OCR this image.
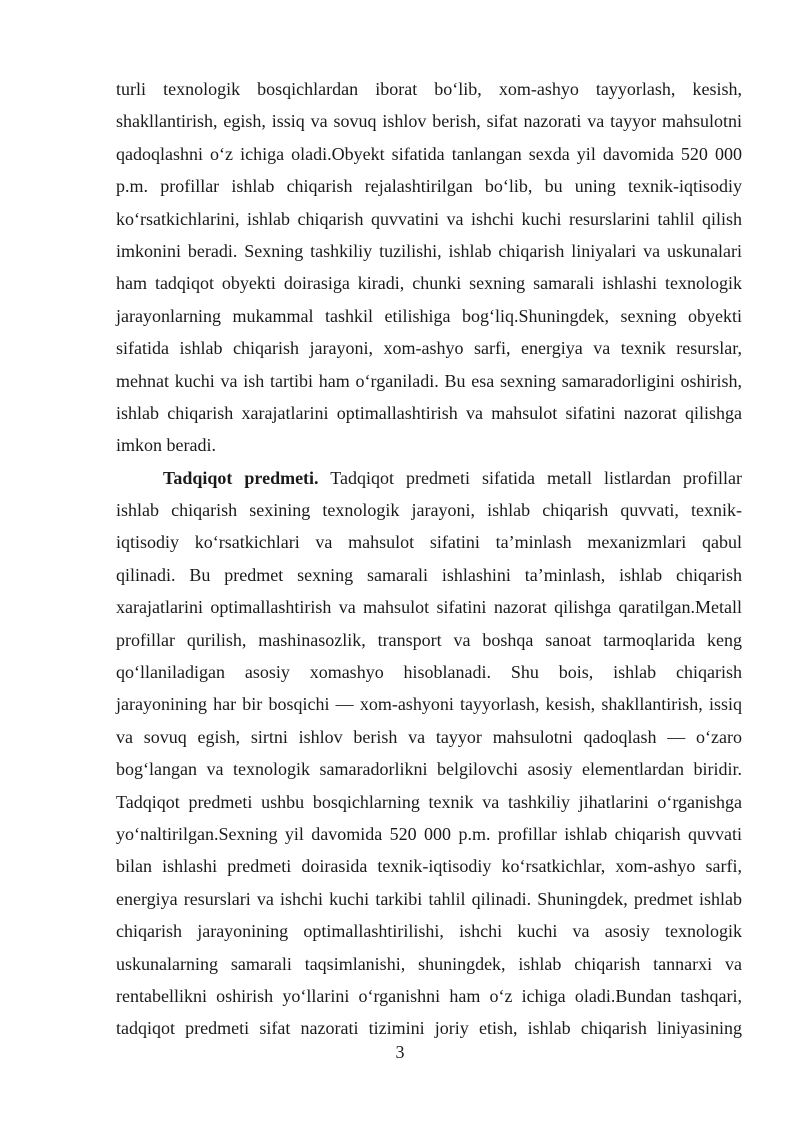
turli texnologik bosqichlardan iborat bo‘lib, xom-ashyo tayyorlash, kesish,
shakllantirish, egish, issiq va sovuq ishlov berish, sifat nazorati va tayyor mahsulotni
qadoqlashni o‘z ichiga oladi.Obyekt sifatida tanlangan sexda yil davomida 520 000
p.m. profillar ishlab chiqarish rejalashtirilgan bo‘lib, bu uning texnik-iqtisodiy
ko‘rsatkichlarini, ishlab chiqarish quvvatini va ishchi kuchi resurslarini tahlil qilish
imkonini beradi. Sexning tashkiliy tuzilishi, ishlab chiqarish liniyalari va uskunalari
ham tadqiqot obyekti doirasiga kiradi, chunki sexning samarali ishlashi texnologik
jarayonlarning mukammal tashkil etilishiga bog‘liq.Shuningdek, sexning obyekti
sifatida ishlab chiqarish jarayoni, xom-ashyo sarfi, energiya va texnik resurslar,
mehnat kuchi va ish tartibi ham o‘rganiladi. Bu esa sexning samaradorligini oshirish,
ishlab chiqarish xarajatlarini optimallashtirish va mahsulot sifatini nazorat qilishga
imkon beradi.
Tadqiqot predmeti. Tadqiqot predmeti sifatida metall listlardan profillar
ishlab chiqarish sexining texnologik jarayoni, ishlab chiqarish quvvati, texnik-
iqtisodiy ko‘rsatkichlari va mahsulot sifatini ta’minlash mexanizmlari qabul
qilinadi. Bu predmet sexning samarali ishlashini ta’minlash, ishlab chiqarish
xarajatlarini optimallashtirish va mahsulot sifatini nazorat qilishga qaratilgan.Metall
profillar qurilish, mashinasozlik, transport va boshqa sanoat tarmoqlarida keng
qo‘llaniladigan asosiy xomashyo hisoblanadi. Shu bois, ishlab chiqarish
jarayonining har bir bosqichi — xom-ashyoni tayyorlash, kesish, shakllantirish, issiq
va sovuq egish, sirtni ishlov berish va tayyor mahsulotni qadoqlash — o‘zaro
bog‘langan va texnologik samaradorlikni belgilovchi asosiy elementlardan biridir.
Tadqiqot predmeti ushbu bosqichlarning texnik va tashkiliy jihatlarini o‘rganishga
yo‘naltirilgan.Sexning yil davomida 520 000 p.m. profillar ishlab chiqarish quvvati
bilan ishlashi predmeti doirasida texnik-iqtisodiy ko‘rsatkichlar, xom-ashyo sarfi,
energiya resurslari va ishchi kuchi tarkibi tahlil qilinadi. Shuningdek, predmet ishlab
chiqarish jarayonining optimallashtirilishi, ishchi kuchi va asosiy texnologik
uskunalarning samarali taqsimlanishi, shuningdek, ishlab chiqarish tannarxi va
rentabellikni oshirish yo‘llarini o‘rganishni ham o‘z ichiga oladi.Bundan tashqari,
tadqiqot predmeti sifat nazorati tizimini joriy etish, ishlab chiqarish liniyasining
3
